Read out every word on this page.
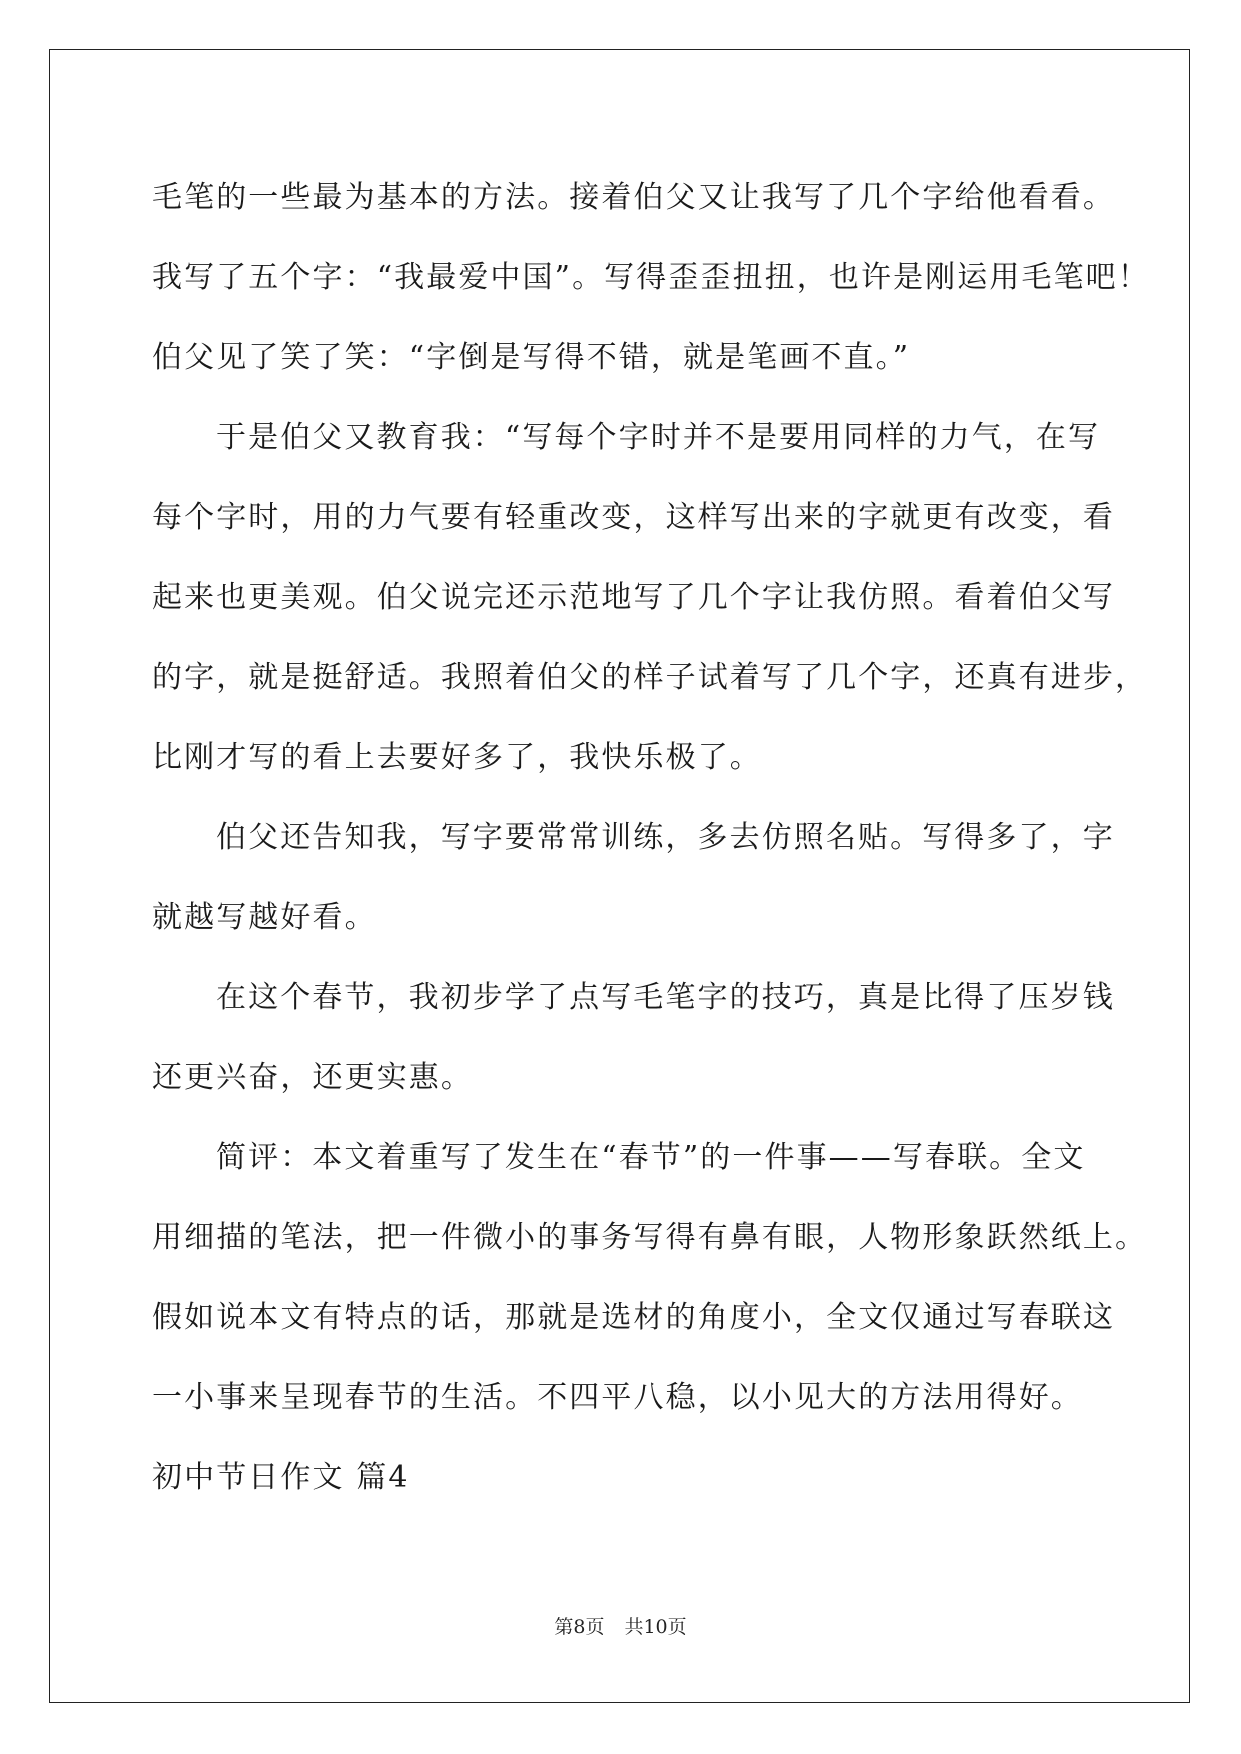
毛笔的一些最为基本的方法。接着伯父又让我写了几个字给他看看。
我写了五个字：“我最爱中国”。写得歪歪扭扭，也许是刚运用毛笔吧！
伯父见了笑了笑：“字倒是写得不错，就是笔画不直。”
于是伯父又教育我：“写每个字时并不是要用同样的力气，在写
每个字时，用的力气要有轻重改变，这样写出来的字就更有改变，看
起来也更美观。伯父说完还示范地写了几个字让我仿照。看着伯父写
的字，就是挺舒适。我照着伯父的样子试着写了几个字，还真有进步，
比刚才写的看上去要好多了，我快乐极了。
伯父还告知我，写字要常常训练，多去仿照名贴。写得多了，字
就越写越好看。
在这个春节，我初步学了点写毛笔字的技巧，真是比得了压岁钱
还更兴奋，还更实惠。
简评：本文着重写了发生在“春节”的一件事——写春联。全文
用细描的笔法，把一件微小的事务写得有鼻有眼，人物形象跃然纸上。
假如说本文有特点的话，那就是选材的角度小，全文仅通过写春联这
一小事来呈现春节的生活。不四平八稳，以小见大的方法用得好。
初中节日作文 篇4
第8页 共10页
